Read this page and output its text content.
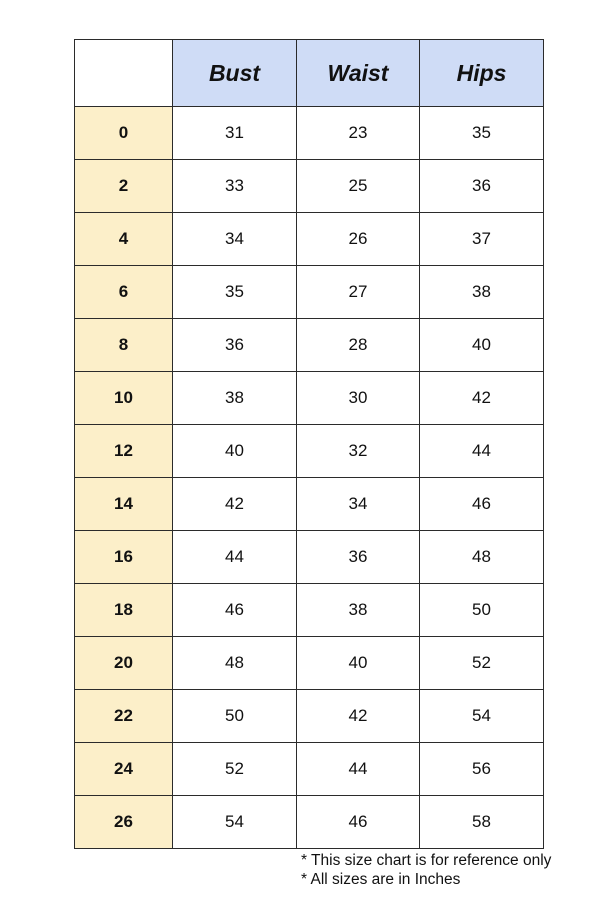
	Bust	Waist	Hips
0	31	23	35
2	33	25	36
4	34	26	37
6	35	27	38
8	36	28	40
10	38	30	42
12	40	32	44
14	42	34	46
16	44	36	48
18	46	38	50
20	48	40	52
22	50	42	54
24	52	44	56
26	54	46	58
* This size chart is for reference only
* All sizes are in Inches
